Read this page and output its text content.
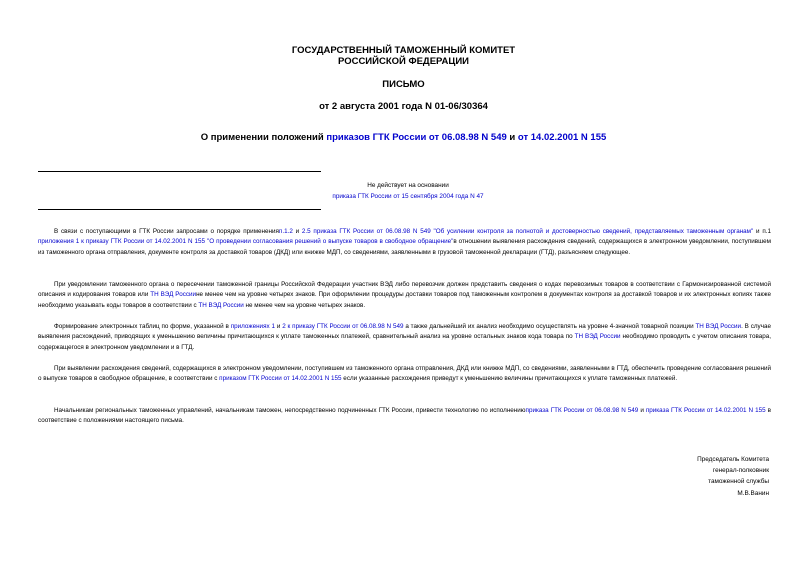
ГОСУДАРСТВЕННЫЙ ТАМОЖЕННЫЙ КОМИТЕТ
РОССИЙСКОЙ ФЕДЕРАЦИИ
ПИСЬМО
от 2 августа 2001 года N 01-06/30364
О применении положений приказов ГТК России от 06.08.98 N 549 и от 14.02.2001 N 155
Не действует на основании
приказа ГТК России от 15 сентября 2004 года N 47

В связи с поступающими в ГТК России запросами о порядке примененияп.1.2 и 2.5 приказа ГТК России от 06.08.98 N 549 "Об усилении контроля за полнотой и достоверностью сведений, представляемых таможенным органам" и п.1 приложения 1 к приказу ГТК России от 14.02.2001 N 155 "О проведении согласования решений о выпуске товаров в свободное обращение"в отношении выявления расхождения сведений, содержащихся в электронном уведомлении, поступившем из таможенного органа отправления, документе контроля за доставкой товаров (ДКД) или книжке МДП, со сведениями, заявленными в грузовой таможенной декларации (ГТД), разъясняем следующее.

При уведомлении таможенного органа о пересечении таможенной границы Российской Федерации участник ВЭД либо перевозчик должен представить сведения о кодах перевозимых товаров в соответствии с Гармонизированной системой описания и кодирования товаров или ТН ВЭД Россиине менее чем на уровне четырех знаков. При оформлении процедуры доставки товаров под таможенным контролем в документах контроля за доставкой товаров и их электронных копиях также необходимо указывать коды товаров в соответствии с ТН ВЭД России не менее чем на уровне четырех знаков.

Формирование электронных таблиц по форме, указанной в приложениях 1 и 2 к приказу ГТК России от 06.08.98 N 549 а также дальнейший их анализ необходимо осуществлять на уровне 4-значной товарной позиции ТН ВЭД России. В случае выявления расхождений, приводящих к уменьшению величины причитающихся к уплате таможенных платежей, сравнительный анализ на уровне остальных знаков кода товара по ТН ВЭД России необходимо проводить с учетом описания товара, содержащегося в электронном уведомлении и в ГТД.

При выявлении расхождения сведений, содержащихся в электронном уведомлении, поступившем из таможенного органа отправления, ДКД или книжке МДП, со сведениями, заявленными в ГТД, обеспечить проведение согласования решений о выпуске товаров в свободное обращение, в соответствии с приказом ГТК России от 14.02.2001 N 155 если указанные расхождения приведут к уменьшению величины причитающихся к уплате таможенных платежей.

Начальникам региональных таможенных управлений, начальникам таможен, непосредственно подчиненных ГТК России, привести технологию по исполнениюприказа ГТК России от 06.08.98 N 549 и приказа ГТК России от 14.02.2001 N 155 в соответствие с положениями настоящего письма.

Председатель Комитета
генерал-полковник
таможенной службы
М.В.Ванин
